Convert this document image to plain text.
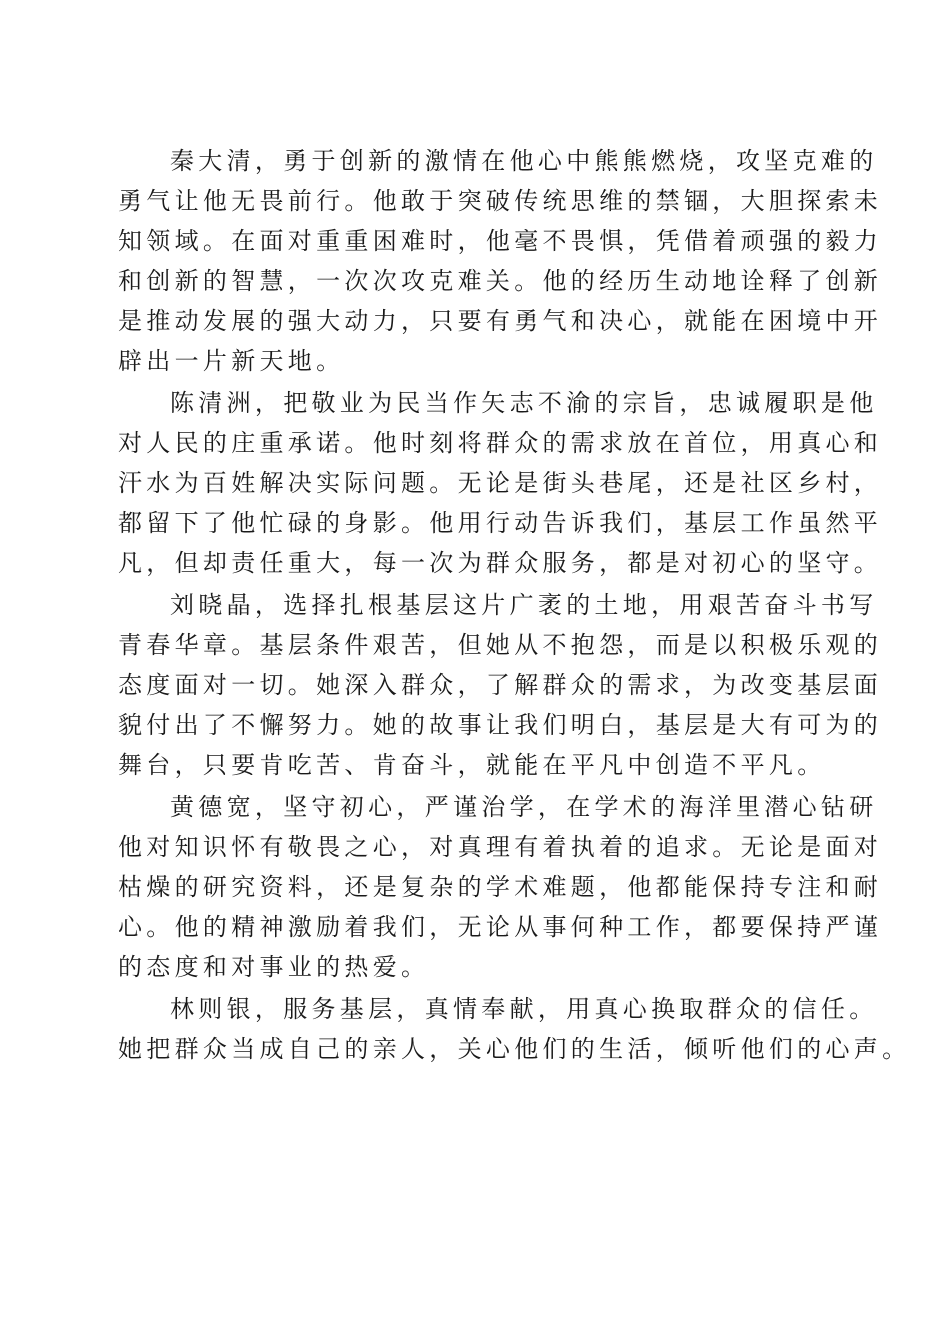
秦大清，勇于创新的激情在他心中熊熊燃烧，攻坚克难的
勇气让他无畏前行。他敢于突破传统思维的禁锢，大胆探索未
知领域。在面对重重困难时，他毫不畏惧，凭借着顽强的毅力
和创新的智慧，一次次攻克难关。他的经历生动地诠释了创新
是推动发展的强大动力，只要有勇气和决心，就能在困境中开
辟出一片新天地。
陈清洲，把敬业为民当作矢志不渝的宗旨，忠诚履职是他
对人民的庄重承诺。他时刻将群众的需求放在首位，用真心和
汗水为百姓解决实际问题。无论是街头巷尾，还是社区乡村，
都留下了他忙碌的身影。他用行动告诉我们，基层工作虽然平
凡，但却责任重大，每一次为群众服务，都是对初心的坚守。
刘晓晶，选择扎根基层这片广袤的土地，用艰苦奋斗书写
青春华章。基层条件艰苦，但她从不抱怨，而是以积极乐观的
态度面对一切。她深入群众，了解群众的需求，为改变基层面
貌付出了不懈努力。她的故事让我们明白，基层是大有可为的
舞台，只要肯吃苦、肯奋斗，就能在平凡中创造不平凡。
黄德宽，坚守初心，严谨治学，在学术的海洋里潜心钻研
他对知识怀有敬畏之心，对真理有着执着的追求。无论是面对
枯燥的研究资料，还是复杂的学术难题，他都能保持专注和耐
心。他的精神激励着我们，无论从事何种工作，都要保持严谨
的态度和对事业的热爱。
林则银，服务基层，真情奉献，用真心换取群众的信任。
她把群众当成自己的亲人，关心他们的生活，倾听他们的心声。
